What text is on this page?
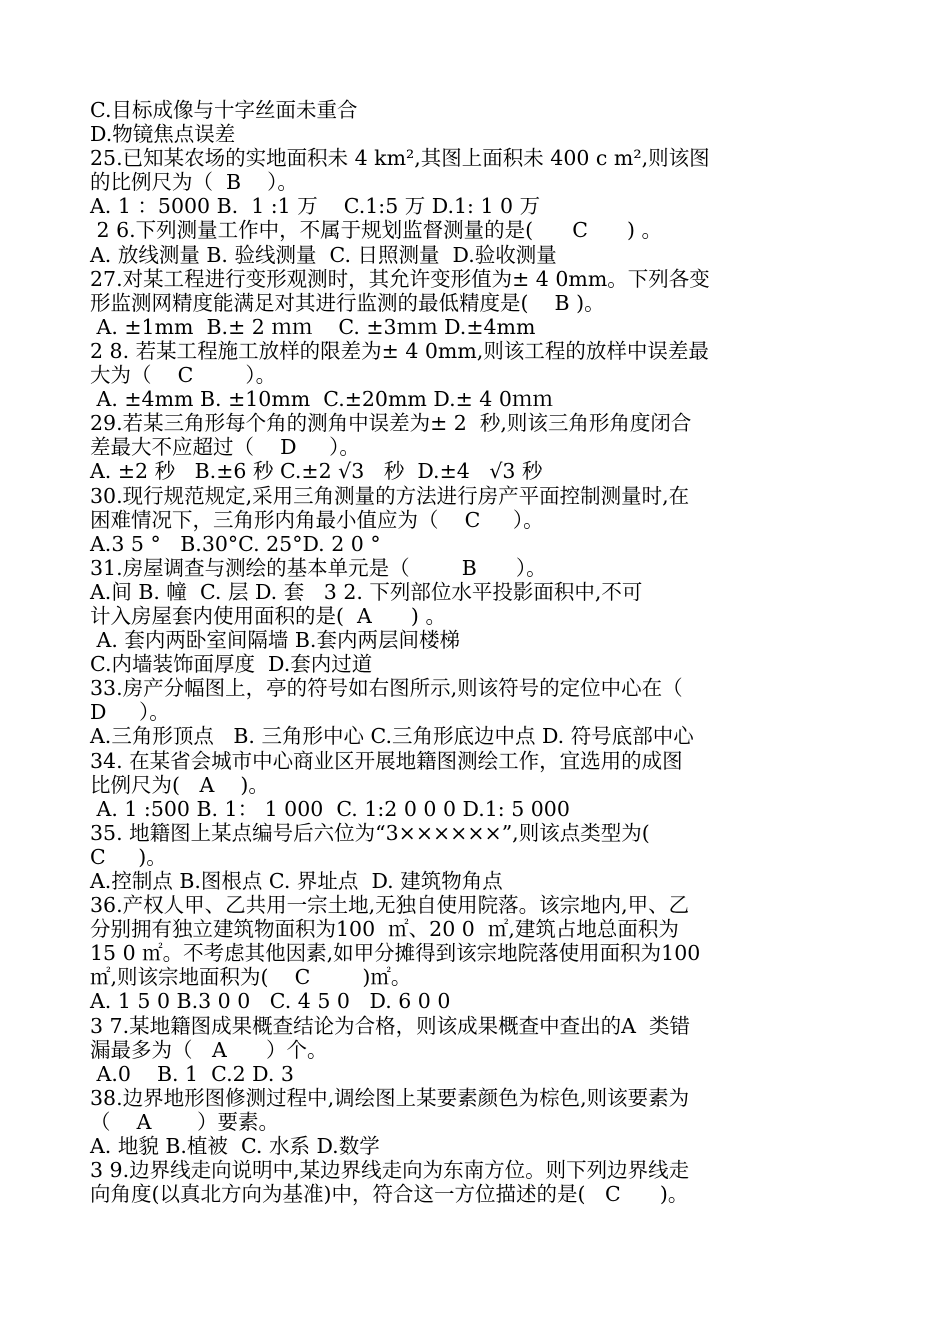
C.目标成像与十字丝面未重合
D.物镜焦点误差
25.已知某农场的实地面积未 4 km²,其图上面积未 400 c m²,则该图
的比例尺为（  B    ）。
A. 1 ：5000 B.  1 :1 万    C.1:5 万 D.1: 1 0 万
2 6.下列测量工作中，不属于规划监督测量的是(      C      ) 。
A. 放线测量 B. 验线测量  C. 日照测量  D.验收测量
27.对某工程进行变形观测时，其允许变形值为± 4 0mm。下列各变
形监测网精度能满足对其进行监测的最低精度是(    B )。
A. ±1mm  B.± 2 ｍｍ    C. ±3ｍｍ D.±4mm
2 8. 若某工程施工放样的限差为± 4 0mm,则该工程的放样中误差最
大为（    C        ）。
A. ±4mm B. ±10mm  C.±20mm D.± 4 0ｍｍ
29.若某三角形每个角的测角中误差为± 2  秒,则该三角形角度闭合
差最大不应超过（    D     ）。
A. ±2 秒   B.±6 秒 C.±2 √3   秒  D.±4   √3 秒
30.现行规范规定,采用三角测量的方法进行房产平面控制测量时,在
困难情况下，三角形内角最小值应为（    C     ）。
A.3 5 °   B.30°C. 25°D. 2 0 °
31.房屋调查与测绘的基本单元是（        B      ）。
A.间 B. 幢  C. 层 D. 套   3 2. 下列部位水平投影面积中,不可
计入房屋套内使用面积的是(  A      ) 。
A. 套内两卧室间隔墙 B.套内两层间楼梯
C.内墙装饰面厚度  D.套内过道
33.房产分幅图上，亭的符号如右图所示,则该符号的定位中心在（
D     ）。
A.三角形顶点   B. 三角形中心 C.三角形底边中点 D. 符号底部中心
34. 在某省会城市中心商业区开展地籍图测绘工作，宜选用的成图
比例尺为(   A    )。
A. 1 :500 B. 1： 1 000  C. 1:2 0 0 0 D.1: 5 000
35. 地籍图上某点编号后六位为“3××××××”,则该点类型为(
C     )。
A.控制点 B.图根点 C. 界址点  D. 建筑物角点
36.产权人甲、乙共用一宗土地,无独自使用院落。该宗地内,甲、乙
分别拥有独立建筑物面积为100  ㎡、20 0  ㎡,建筑占地总面积为
15 0 ㎡。不考虑其他因素,如甲分摊得到该宗地院落使用面积为100
㎡,则该宗地面积为(    C        )㎡。
A. 1 5 0 B.3 0 0   C. 4 5 0   D. 6 0 0
3 7.某地籍图成果概查结论为合格，则该成果概查中查出的A  类错
漏最多为（   A      ）个。
A.0    B. 1  C.2 D. 3
38.边界地形图修测过程中,调绘图上某要素颜色为棕色,则该要素为
（    A       ）要素。
A. 地貌 B.植被  C. 水系 D.数学
3 9.边界线走向说明中,某边界线走向为东南方位。则下列边界线走
向角度(以真北方向为基准)中，符合这一方位描述的是(   C      )。
